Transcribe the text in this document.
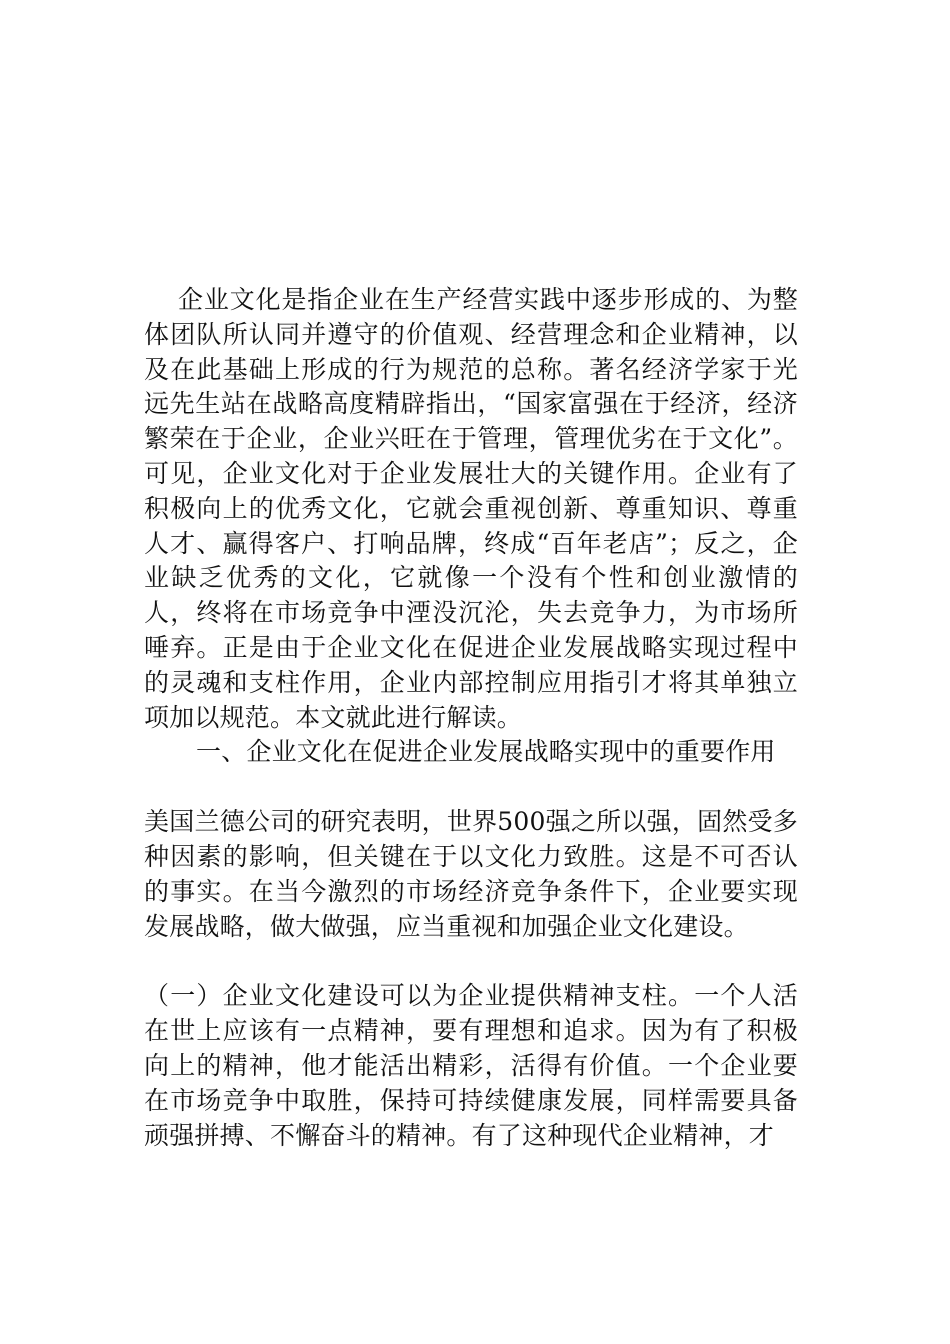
企业文化是指企业在生产经营实践中逐步形成的、为整体团队所认同并遵守的价值观、经营理念和企业精神，以及在此基础上形成的行为规范的总称。著名经济学家于光远先生站在战略高度精辟指出，“国家富强在于经济，经济繁荣在于企业，企业兴旺在于管理，管理优劣在于文化”。可见，企业文化对于企业发展壮大的关键作用。企业有了积极向上的优秀文化，它就会重视创新、尊重知识、尊重人才、赢得客户、打响品牌，终成“百年老店”；反之，企业缺乏优秀的文化，它就像一个没有个性和创业激情的人，终将在市场竞争中湮没沉沦，失去竞争力，为市场所唾弃。正是由于企业文化在促进企业发展战略实现过程中的灵魂和支柱作用，企业内部控制应用指引才将其单独立项加以规范。本文就此进行解读。

一、企业文化在促进企业发展战略实现中的重要作用

美国兰德公司的研究表明，世界500强之所以强，固然受多种因素的影响，但关键在于以文化力致胜。这是不可否认的事实。在当今激烈的市场经济竞争条件下，企业要实现发展战略，做大做强，应当重视和加强企业文化建设。

（一）企业文化建设可以为企业提供精神支柱。一个人活在世上应该有一点精神，要有理想和追求。因为有了积极向上的精神，他才能活出精彩，活得有价值。一个企业要在市场竞争中取胜，保持可持续健康发展，同样需要具备顽强拼搏、不懈奋斗的精神。有了这种现代企业精神，才
